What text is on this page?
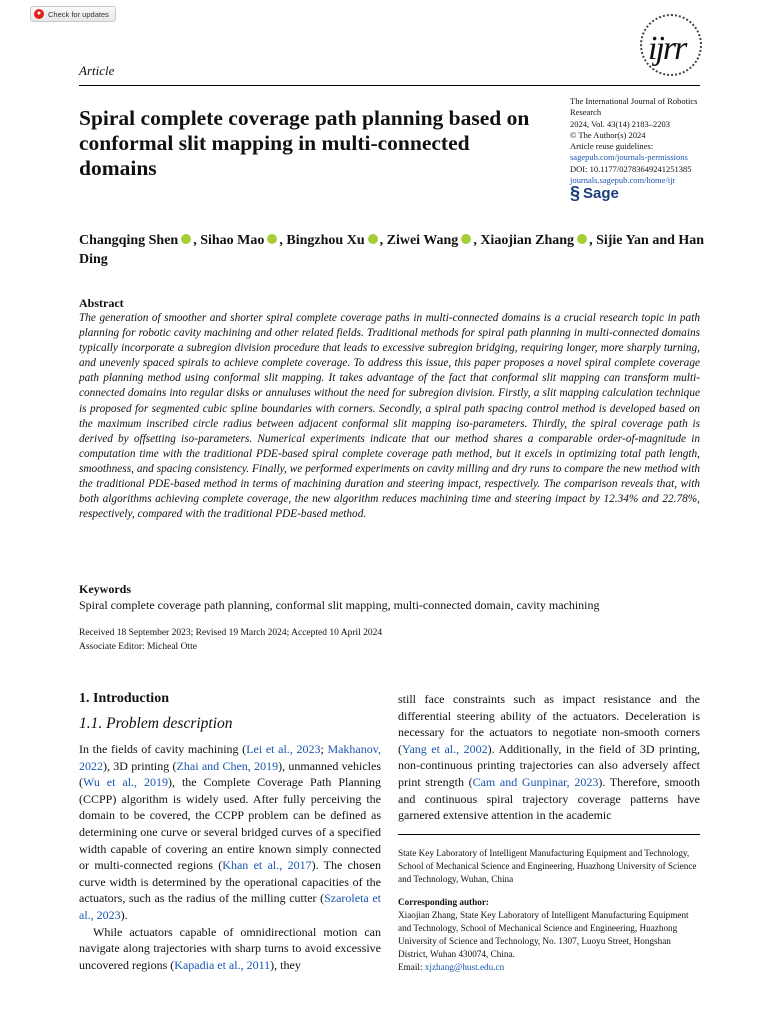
● Check for updates
ijrr
Article
Spiral complete coverage path planning based on conformal slit mapping in multi-connected domains
The International Journal of Robotics Research
2024, Vol. 43(14) 2183–2203
© The Author(s) 2024
Article reuse guidelines:
sagepub.com/journals-permissions
DOI: 10.1177/02783649241251385
journals.sagepub.com/home/ijr
§ Sage
Changqing Shen , Sihao Mao , Bingzhou Xu , Ziwei Wang , Xiaojian Zhang , Sijie Yan and Han Ding
Abstract
The generation of smoother and shorter spiral complete coverage paths in multi-connected domains is a crucial research topic in path planning for robotic cavity machining and other related fields. Traditional methods for spiral path planning in multi-connected domains typically incorporate a subregion division procedure that leads to excessive subregion bridging, requiring longer, more sharply turning, and unevenly spaced spirals to achieve complete coverage. To address this issue, this paper proposes a novel spiral complete coverage path planning method using conformal slit mapping. It takes advantage of the fact that conformal slit mapping can transform multi-connected domains into regular disks or annuluses without the need for subregion division. Firstly, a slit mapping calculation technique is proposed for segmented cubic spline boundaries with corners. Secondly, a spiral path spacing control method is developed based on the maximum inscribed circle radius between adjacent conformal slit mapping iso-parameters. Thirdly, the spiral coverage path is derived by offsetting iso-parameters. Numerical experiments indicate that our method shares a comparable order-of-magnitude in computation time with the traditional PDE-based spiral complete coverage path method, but it excels in optimizing total path length, smoothness, and spacing consistency. Finally, we performed experiments on cavity milling and dry runs to compare the new method with the traditional PDE-based method in terms of machining duration and steering impact, respectively. The comparison reveals that, with both algorithms achieving complete coverage, the new algorithm reduces machining time and steering impact by 12.34% and 22.78%, respectively, compared with the traditional PDE-based method.
Keywords
Spiral complete coverage path planning, conformal slit mapping, multi-connected domain, cavity machining
Received 18 September 2023; Revised 19 March 2024; Accepted 10 April 2024
Associate Editor: Micheal Otte
1. Introduction
1.1. Problem description

In the fields of cavity machining (Lei et al., 2023; Makhanov, 2022), 3D printing (Zhai and Chen, 2019), unmanned vehicles (Wu et al., 2019), the Complete Coverage Path Planning (CCPP) algorithm is widely used. After fully perceiving the domain to be covered, the CCPP problem can be defined as determining one curve or several bridged curves of a specified width capable of covering an entire known simply connected or multi-connected regions (Khan et al., 2017). The chosen curve width is determined by the operational capacities of the actuators, such as the radius of the milling cutter (Szaroleta et al., 2023).

While actuators capable of omnidirectional motion can navigate along trajectories with sharp turns to avoid excessive uncovered regions (Kapadia et al., 2011), they

still face constraints such as impact resistance and the differential steering ability of the actuators. Deceleration is necessary for the actuators to negotiate non-smooth corners (Yang et al., 2002). Additionally, in the field of 3D printing, non-continuous printing trajectories can also adversely affect print strength (Cam and Gunpinar, 2023). Therefore, smooth and continuous spiral trajectory coverage patterns have garnered extensive attention in the academic

State Key Laboratory of Intelligent Manufacturing Equipment and Technology, School of Mechanical Science and Engineering, Huazhong University of Science and Technology, Wuhan, China
Corresponding author:
Xiaojian Zhang, State Key Laboratory of Intelligent Manufacturing Equipment and Technology, School of Mechanical Science and Engineering, Huazhong University of Science and Technology, No. 1307, Luoyu Street, Hongshan District, Wuhan 430074, China.
Email: xjzhang@hust.edu.cn
